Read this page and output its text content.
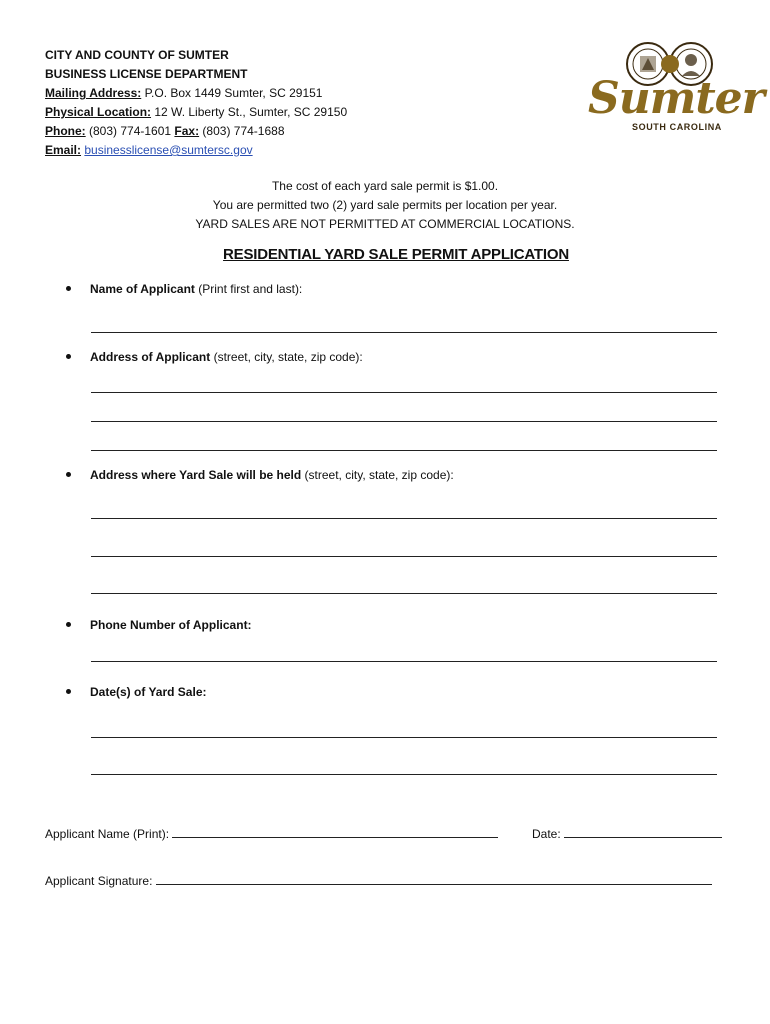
CITY AND COUNTY OF SUMTER
BUSINESS LICENSE DEPARTMENT
Mailing Address: P.O. Box 1449 Sumter, SC 29151
Physical Location: 12 W. Liberty St., Sumter, SC 29150
Phone: (803) 774-1601 Fax: (803) 774-1688
Email: businesslicense@sumtersc.gov
Sumter
SOUTH CAROLINA
The cost of each yard sale permit is $1.00.
You are permitted two (2) yard sale permits per location per year.
YARD SALES ARE NOT PERMITTED AT COMMERCIAL LOCATIONS.
RESIDENTIAL YARD SALE PERMIT APPLICATION
Name of Applicant (Print first and last):
Address of Applicant (street, city, state, zip code):
Address where Yard Sale will be held (street, city, state, zip code):
Phone Number of Applicant:
Date(s) of Yard Sale:
Applicant Name (Print):	Date:
Applicant Signature:
